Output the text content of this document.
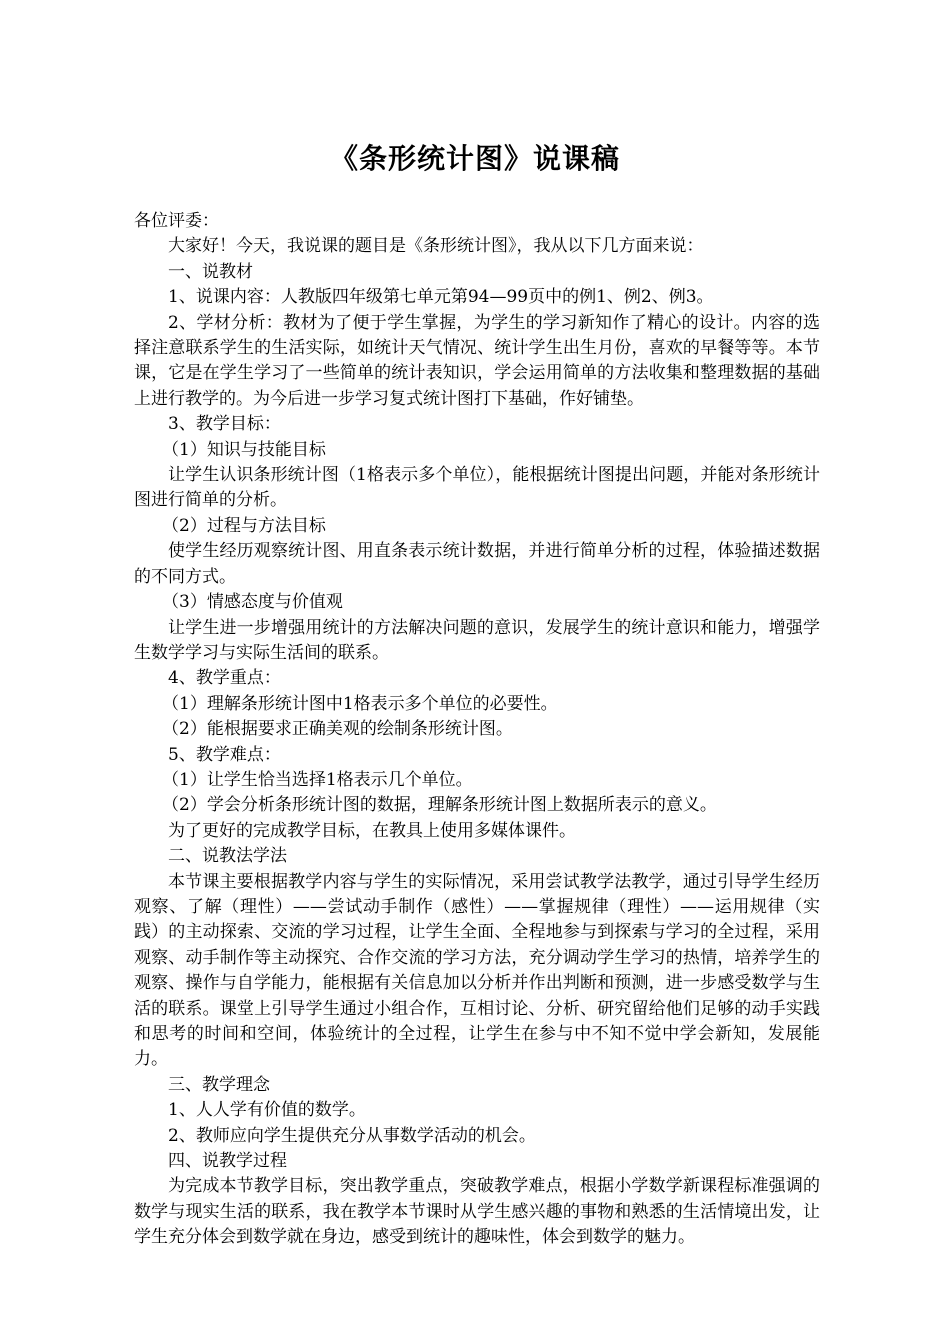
《条形统计图》说课稿

各位评委：

大家好！今天，我说课的题目是《条形统计图》，我从以下几方面来说：

一、说教材

1、说课内容：人教版四年级第七单元第94—99页中的例1、例2、例3。

2、学材分析：教材为了便于学生掌握，为学生的学习新知作了精心的设计。内容的选择注意联系学生的生活实际，如统计天气情况、统计学生出生月份，喜欢的早餐等等。本节课，它是在学生学习了一些简单的统计表知识，学会运用简单的方法收集和整理数据的基础上进行教学的。为今后进一步学习复式统计图打下基础，作好铺垫。

3、教学目标：

（1）知识与技能目标

让学生认识条形统计图（1格表示多个单位），能根据统计图提出问题，并能对条形统计图进行简单的分析。

（2）过程与方法目标

使学生经历观察统计图、用直条表示统计数据，并进行简单分析的过程，体验描述数据的不同方式。

（3）情感态度与价值观

让学生进一步增强用统计的方法解决问题的意识，发展学生的统计意识和能力，增强学生数学学习与实际生活间的联系。

4、教学重点：

（1）理解条形统计图中1格表示多个单位的必要性。

（2）能根据要求正确美观的绘制条形统计图。

5、教学难点：

（1）让学生恰当选择1格表示几个单位。

（2）学会分析条形统计图的数据，理解条形统计图上数据所表示的意义。

为了更好的完成教学目标，在教具上使用多媒体课件。

二、说教法学法

本节课主要根据教学内容与学生的实际情况，采用尝试教学法教学，通过引导学生经历观察、了解（理性）——尝试动手制作（感性）——掌握规律（理性）——运用规律（实践）的主动探索、交流的学习过程，让学生全面、全程地参与到探索与学习的全过程，采用观察、动手制作等主动探究、合作交流的学习方法，充分调动学生学习的热情，培养学生的观察、操作与自学能力，能根据有关信息加以分析并作出判断和预测，进一步感受数学与生活的联系。课堂上引导学生通过小组合作，互相讨论、分析、研究留给他们足够的动手实践和思考的时间和空间，体验统计的全过程，让学生在参与中不知不觉中学会新知，发展能力。

三、教学理念

1、人人学有价值的数学。

2、教师应向学生提供充分从事数学活动的机会。

四、说教学过程

为完成本节教学目标，突出教学重点，突破教学难点，根据小学数学新课程标准强调的数学与现实生活的联系，我在教学本节课时从学生感兴趣的事物和熟悉的生活情境出发，让学生充分体会到数学就在身边，感受到统计的趣味性，体会到数学的魅力。
